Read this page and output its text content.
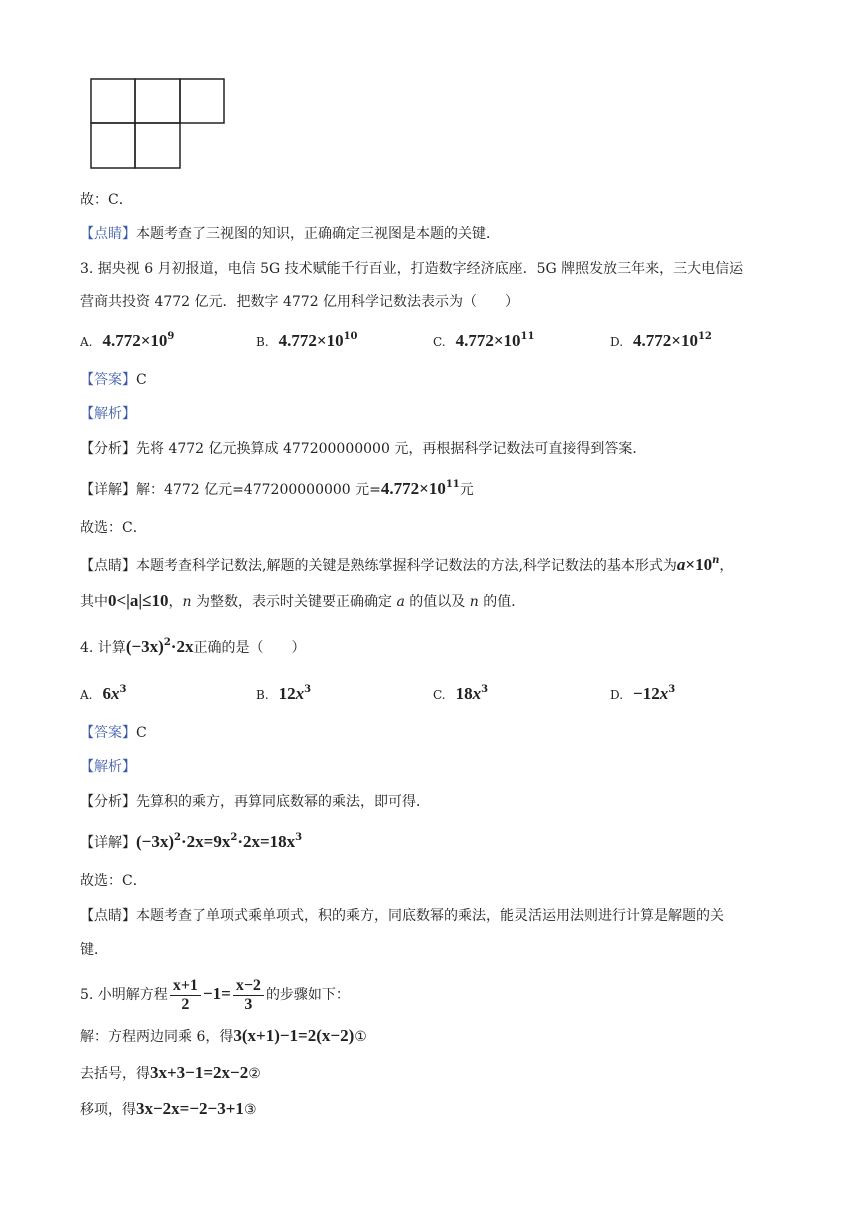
故：C．
【点睛】本题考查了三视图的知识，正确确定三视图是本题的关键．
3. 据央视 6 月初报道，电信 5G 技术赋能千行百业，打造数字经济底座．5G 牌照发放三年来，三大电信运
营商共投资 4772 亿元．把数字 4772 亿用科学记数法表示为（　　）
A. $4.772\times 10^9$	B. $4.772\times 10^{10}$	C. $4.772\times 10^{11}$	D. $4.772\times 10^{12}$
【答案】C
【解析】
【分析】先将 4772 亿元换算成 477200000000 元，再根据科学记数法可直接得到答案．
【详解】解：4772 亿元=477200000000 元$=4.772\times 10^{11}$元
故选：C．
【点睛】本题考查科学记数法,解题的关键是熟练掌握科学记数法的方法,科学记数法的基本形式为$a\times 10^n$，
其中0<|a|≤10，n 为整数，表示时关键要正确确定 a 的值以及 n 的值．
4. 计算$(-3x)^2\cdot 2x$正确的是（　　）
A. $6x^3$	B. $12x^3$	C. $18x^3$	D. $-12x^3$
【答案】C
【解析】
【分析】先算积的乘方，再算同底数幂的乘法，即可得．
【详解】$(-3x)^2\cdot 2x=9x^2\cdot 2x=18x^3$
故选：C．
【点睛】本题考查了单项式乘单项式，积的乘方，同底数幂的乘法，能灵活运用法则进行计算是解题的关
键．
5. 小明解方程 $\frac{x+1}{2} -1= \frac{x-2}{3}$ 的步骤如下：
解：方程两边同乘 6，得3(x+1)−1=2(x−2)①
去括号，得3x+3−1=2x−2②
移项，得3x−2x=−2−3+1③
